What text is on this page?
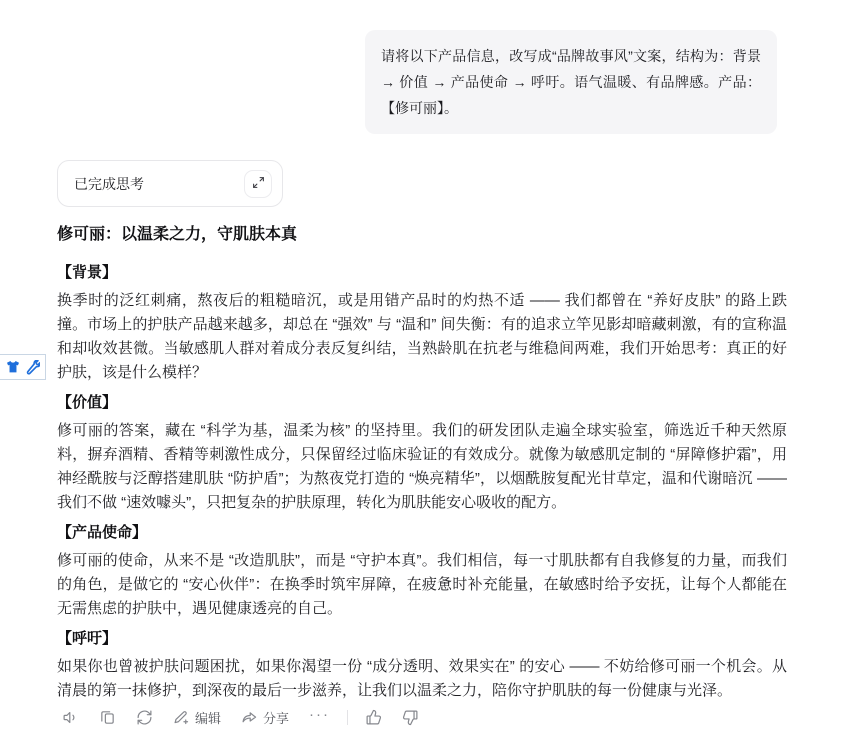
请将以下产品信息，改写成“品牌故事风”文案，结构为：背景 → 价值 → 产品使命 → 呼吁。语气温暖、有品牌感。产品：【修可丽】。
已完成思考
修可丽：以温柔之力，守肌肤本真
【背景】

换季时的泛红刺痛，熬夜后的粗糙暗沉，或是用错产品时的灼热不适 —— 我们都曾在 “养好皮肤” 的路上跌撞。市场上的护肤产品越来越多，却总在 “强效” 与 “温和” 间失衡：有的追求立竿见影却暗藏刺激，有的宣称温和却收效甚微。当敏感肌人群对着成分表反复纠结，当熟龄肌在抗老与维稳间两难，我们开始思考：真正的好护肤，该是什么模样？

【价值】

修可丽的答案，藏在 “科学为基，温柔为核” 的坚持里。我们的研发团队走遍全球实验室，筛选近千种天然原料，摒弃酒精、香精等刺激性成分，只保留经过临床验证的有效成分。就像为敏感肌定制的 “屏障修护霜”，用神经酰胺与泛醇搭建肌肤 “防护盾”；为熬夜党打造的 “焕亮精华”，以烟酰胺复配光甘草定，温和代谢暗沉 —— 我们不做 “速效噱头”，只把复杂的护肤原理，转化为肌肤能安心吸收的配方。

【产品使命】

修可丽的使命，从来不是 “改造肌肤”，而是 “守护本真”。我们相信，每一寸肌肤都有自我修复的力量，而我们的角色，是做它的 “安心伙伴”：在换季时筑牢屏障，在疲惫时补充能量，在敏感时给予安抚，让每个人都能在无需焦虑的护肤中，遇见健康透亮的自己。

【呼吁】

如果你也曾被护肤问题困扰，如果你渴望一份 “成分透明、效果实在” 的安心 —— 不妨给修可丽一个机会。从清晨的第一抹修护，到深夜的最后一步滋养，让我们以温柔之力，陪你守护肌肤的每一份健康与光泽。

编辑	分享 ···
